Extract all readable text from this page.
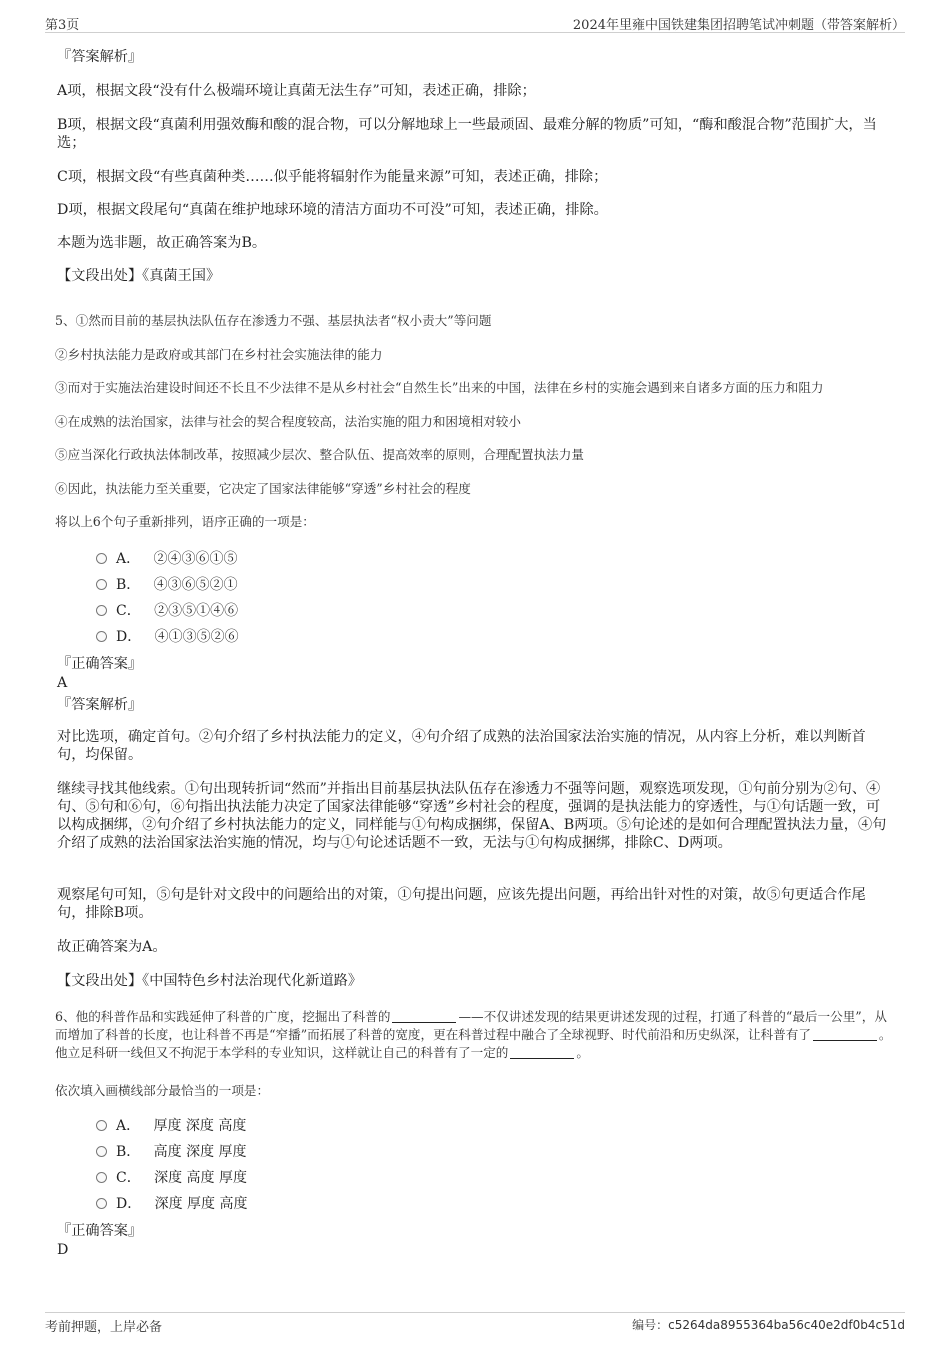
第3页	2024年里雍中国铁建集团招聘笔试冲刺题（带答案解析）
『答案解析』
A项，根据文段“没有什么极端环境让真菌无法生存”可知，表述正确，排除；
B项，根据文段“真菌利用强效酶和酸的混合物，可以分解地球上一些最顽固、最难分解的物质”可知，“酶和酸混合物”范围扩大，当选；
C项，根据文段“有些真菌种类……似乎能将辐射作为能量来源”可知，表述正确，排除；
D项，根据文段尾句“真菌在维护地球环境的清洁方面功不可没”可知，表述正确，排除。
本题为选非题，故正确答案为B。
【文段出处】《真菌王国》
5、①然而目前的基层执法队伍存在渗透力不强、基层执法者“权小责大”等问题
②乡村执法能力是政府或其部门在乡村社会实施法律的能力
③而对于实施法治建设时间还不长且不少法律不是从乡村社会“自然生长”出来的中国，法律在乡村的实施会遇到来自诸多方面的压力和阻力
④在成熟的法治国家，法律与社会的契合程度较高，法治实施的阻力和困境相对较小
⑤应当深化行政执法体制改革，按照减少层次、整合队伍、提高效率的原则，合理配置执法力量
⑥因此，执法能力至关重要，它决定了国家法律能够“穿透”乡村社会的程度
将以上6个句子重新排列，语序正确的一项是：
A． ②④③⑥①⑤
B． ④③⑥⑤②①
C． ②③⑤①④⑥
D． ④①③⑤②⑥
『正确答案』
A
『答案解析』
对比选项，确定首句。②句介绍了乡村执法能力的定义，④句介绍了成熟的法治国家法治实施的情况，从内容上分析，难以判断首句，均保留。
继续寻找其他线索。①句出现转折词“然而”并指出目前基层执法队伍存在渗透力不强等问题，观察选项发现，①句前分别为②句、④句、⑤句和⑥句，⑥句指出执法能力决定了国家法律能够“穿透”乡村社会的程度，强调的是执法能力的穿透性，与①句话题一致，可以构成捆绑，②句介绍了乡村执法能力的定义，同样能与①句构成捆绑，保留A、B两项。⑤句论述的是如何合理配置执法力量，④句介绍了成熟的法治国家法治实施的情况，均与①句论述话题不一致，无法与①句构成捆绑，排除C、D两项。
观察尾句可知，⑤句是针对文段中的问题给出的对策，①句提出问题，应该先提出问题，再给出针对性的对策，故⑤句更适合作尾句，排除B项。
故正确答案为A。
【文段出处】《中国特色乡村法治现代化新道路》
6、他的科普作品和实践延伸了科普的广度，挖掘出了科普的	——不仅讲述发现的结果更讲述发现的过程，打通了科普的“最后一公里”，从而增加了科普的长度，也让科普不再是“窄播”而拓展了科普的宽度，更在科普过程中融合了全球视野、时代前沿和历史纵深，让科普有了	。他立足科研一线但又不拘泥于本学科的专业知识，这样就让自己的科普有了一定的	。
依次填入画横线部分最恰当的一项是：
A． 厚度 深度 高度
B． 高度 深度 厚度
C． 深度 高度 厚度
D． 深度 厚度 高度
『正确答案』
D
考前押题，上岸必备	编号：c5264da8955364ba56c40e2df0b4c51d
